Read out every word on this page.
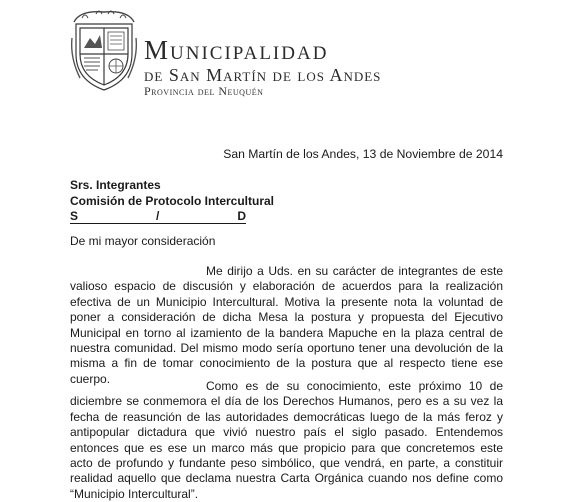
Municipalidad
de San Martín de los Andes
Provincia del Neuquén
San Martín de los Andes, 13 de Noviembre de 2014
Srs. Integrantes
Comisión de Protocolo Intercultural
S	/	D
De mi mayor consideración

Me dirijo a Uds. en su carácter de integrantes de este valioso espacio de discusión y elaboración de acuerdos para la realización efectiva de un Municipio Intercultural. Motiva la presente nota la voluntad de poner a consideración de dicha Mesa la postura y propuesta del Ejecutivo Municipal en torno al izamiento de la bandera Mapuche en la plaza central de nuestra comunidad. Del mismo modo sería oportuno tener una devolución de la misma a fin de tomar conocimiento de la postura que al respecto tiene ese cuerpo.

Como es de su conocimiento, este próximo 10 de diciembre se conmemora el día de los Derechos Humanos, pero es a su vez la fecha de reasunción de las autoridades democráticas luego de la más feroz y antipopular dictadura que vivió nuestro país el siglo pasado. Entendemos entonces que es ese un marco más que propicio para que concretemos este acto de profundo y fundante peso simbólico, que vendrá, en parte, a constituir realidad aquello que declama nuestra Carta Orgánica cuando nos define como “Municipio Intercultural”.
